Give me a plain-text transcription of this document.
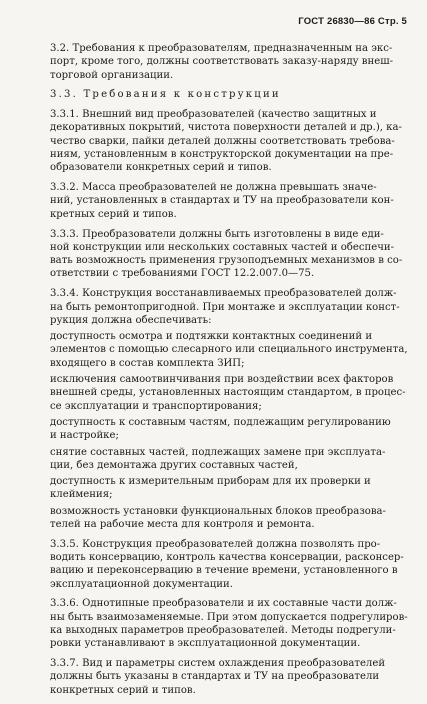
ГОСТ 26830—86 Стр. 5

3.2. Требования к преобразователям, предназначенным на экс-
порт, кроме того, должны соответствовать заказу-наряду внеш-
торговой организации.

3.3. Требования к конструкции

3.3.1. Внешний вид преобразователей (качество защитных и
декоративных покрытий, чистота поверхности деталей и др.), ка-
чество сварки, пайки деталей должны соответствовать требова-
ниям, установленным в конструкторской документации на пре-
образователи конкретных серий и типов.

3.3.2. Масса преобразователей не должна превышать значе-
ний, установленных в стандартах и ТУ на преобразователи кон-
кретных серий и типов.

3.3.3. Преобразователи должны быть изготовлены в виде еди-
ной конструкции или нескольких составных частей и обеспечи-
вать возможность применения грузоподъемных механизмов в со-
ответствии с требованиями ГОСТ 12.2.007.0—75.

3.3.4. Конструкция восстанавливаемых преобразователей долж-
на быть ремонтопригодной. При монтаже и эксплуатации конст-
рукция должна обеспечивать:

доступность осмотра и подтяжки контактных соединений и
элементов с помощью слесарного или специального инструмента,
входящего в состав комплекта ЗИП;

исключения самоотвинчивания при воздействии всех факторов
внешней среды, установленных настоящим стандартом, в процес-
се эксплуатации и транспортирования;

доступность к составным частям, подлежащим регулированию
и настройке;

снятие составных частей, подлежащих замене при эксплуата-
ции, без демонтажа других составных частей,

доступность к измерительным приборам для их проверки и
клеймения;

возможность установки функциональных блоков преобразова-
телей на рабочие места для контроля и ремонта.

3.3.5. Конструкция преобразователей должна позволять про-
водить консервацию, контроль качества консервации, расконсер-
вацию и переконсервацию в течение времени, установленного в
эксплуатационной документации.

3.3.6. Однотипные преобразователи и их составные части долж-
ны быть взаимозаменяемые. При этом допускается подрегулиров-
ка выходных параметров преобразователей. Методы подрегули-
ровки устанавливают в эксплуатационной документации.

3.3.7. Вид и параметры систем охлаждения преобразователей
должны быть указаны в стандартах и ТУ на преобразователи
конкретных серий и типов.
